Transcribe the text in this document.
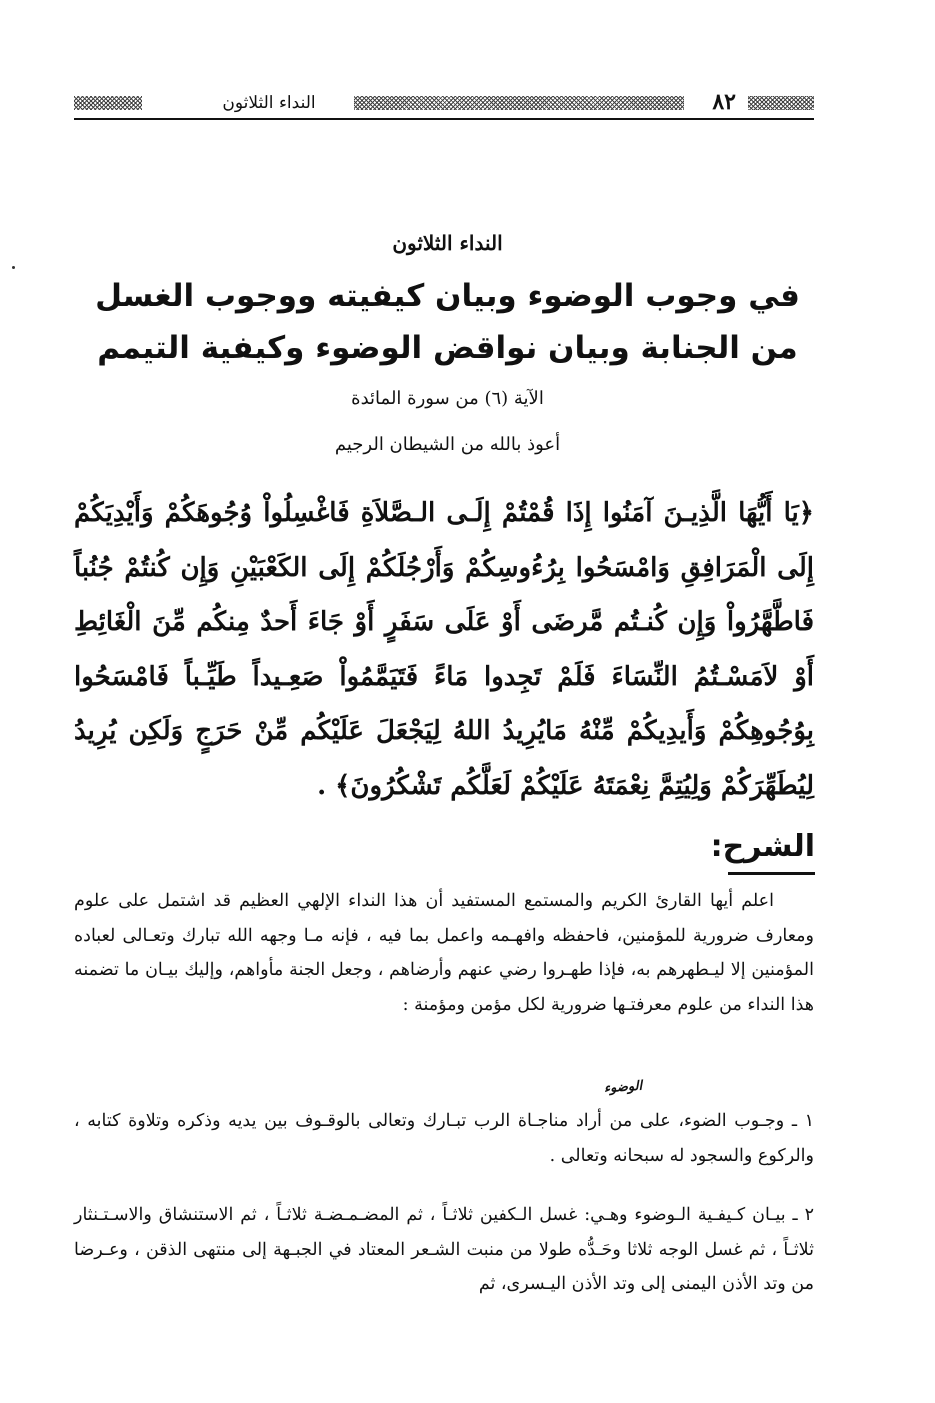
٨٢
النداء الثلاثون

النداء الثلاثون

في وجوب الوضوء وبيان كيفيته ووجوب الغسل
من الجنابة وبيان نواقض الوضوء وكيفية التيمم

الآية (٦) من سورة المائدة

أعوذ بالله من الشيطان الرجيم

﴿يَا أَيُّهَا الَّذِيـنَ آمَنُوا إِذَا قُمْتُمْ إِلَـى الـصَّلاَةِ فَاغْسِلُواْ وُجُوهَكُمْ وَأَيْدِيَكُمْ إِلَى الْمَرَافِقِ وَامْسَحُوا بِرُءُوسِكُمْ وَأَرْجُلَكُمْ إِلَى الكَعْبَيْنِ وَإِن كُنتُمْ جُنُباً فَاطَّهَّرُواْ وَإِن كُنـتُم مَّرضَى أَوْ عَلَى سَفَرٍ أَوْ جَاءَ أَحدٌ مِنكُم مِّنَ الْغَائِطِ أَوْ لاَمَسْـتُمُ النِّسَاءَ فَلَمْ تَجِدوا مَاءً فَتَيَمَّمُواْ صَعِـيداً طَيِّـباً فَامْسَحُوا بِوُجُوهِكُمْ وَأَيدِيكُمْ مِّنْهُ مَايُرِيدُ اللهُ لِيَجْعَلَ عَلَيْكُم مِّنْ حَرَجٍ وَلَكِن يُرِيدُ لِيُطَهِّرَكُمْ وَلِيُتِمَّ نِعْمَتَهُ عَلَيْكُمْ لَعَلَّكُم تَشْكُرُونَ﴾ .

الشرح:

اعلم أيها القارئ الكريم والمستمع المستفيد أن هذا النداء الإلهي العظيم قد اشتمل على علوم ومعارف ضرورية للمؤمنين، فاحفظه وافهـمه واعمل بما فيه ، فإنه مـا وجهه الله تبارك وتعـالى لعباده المؤمنين إلا ليـطهرهم به، فإذا طهـروا رضي عنهم وأرضاهم ، وجعل الجنة مأواهم، وإليك بيـان ما تضمنه هذا النداء من علوم معرفتـها ضرورية لكل مؤمن ومؤمنة :

الوضوء

١ ـ وجـوب الضوء، على من أراد مناجـاة الرب تبـارك وتعالى بالوقـوف بين يديه وذكره وتلاوة كتابه ، والركوع والسجود له سبحانه وتعالى .

٢ ـ بيـان كـيفـية الـوضوء وهـي: غسل الـكفين ثلاثـاً ، ثم المضـمـضـة ثلاثـاً ، ثم الاستنشاق والاسـتـنثار ثلاثـاً ، ثم غسل الوجه ثلاثا وحَـدُّه طولا من منبت الشـعر المعتاد في الجبـهة إلى منتهى الذقن ، وعـرضا من وتد الأذن اليمنى إلى وتد الأذن اليـسرى، ثم
